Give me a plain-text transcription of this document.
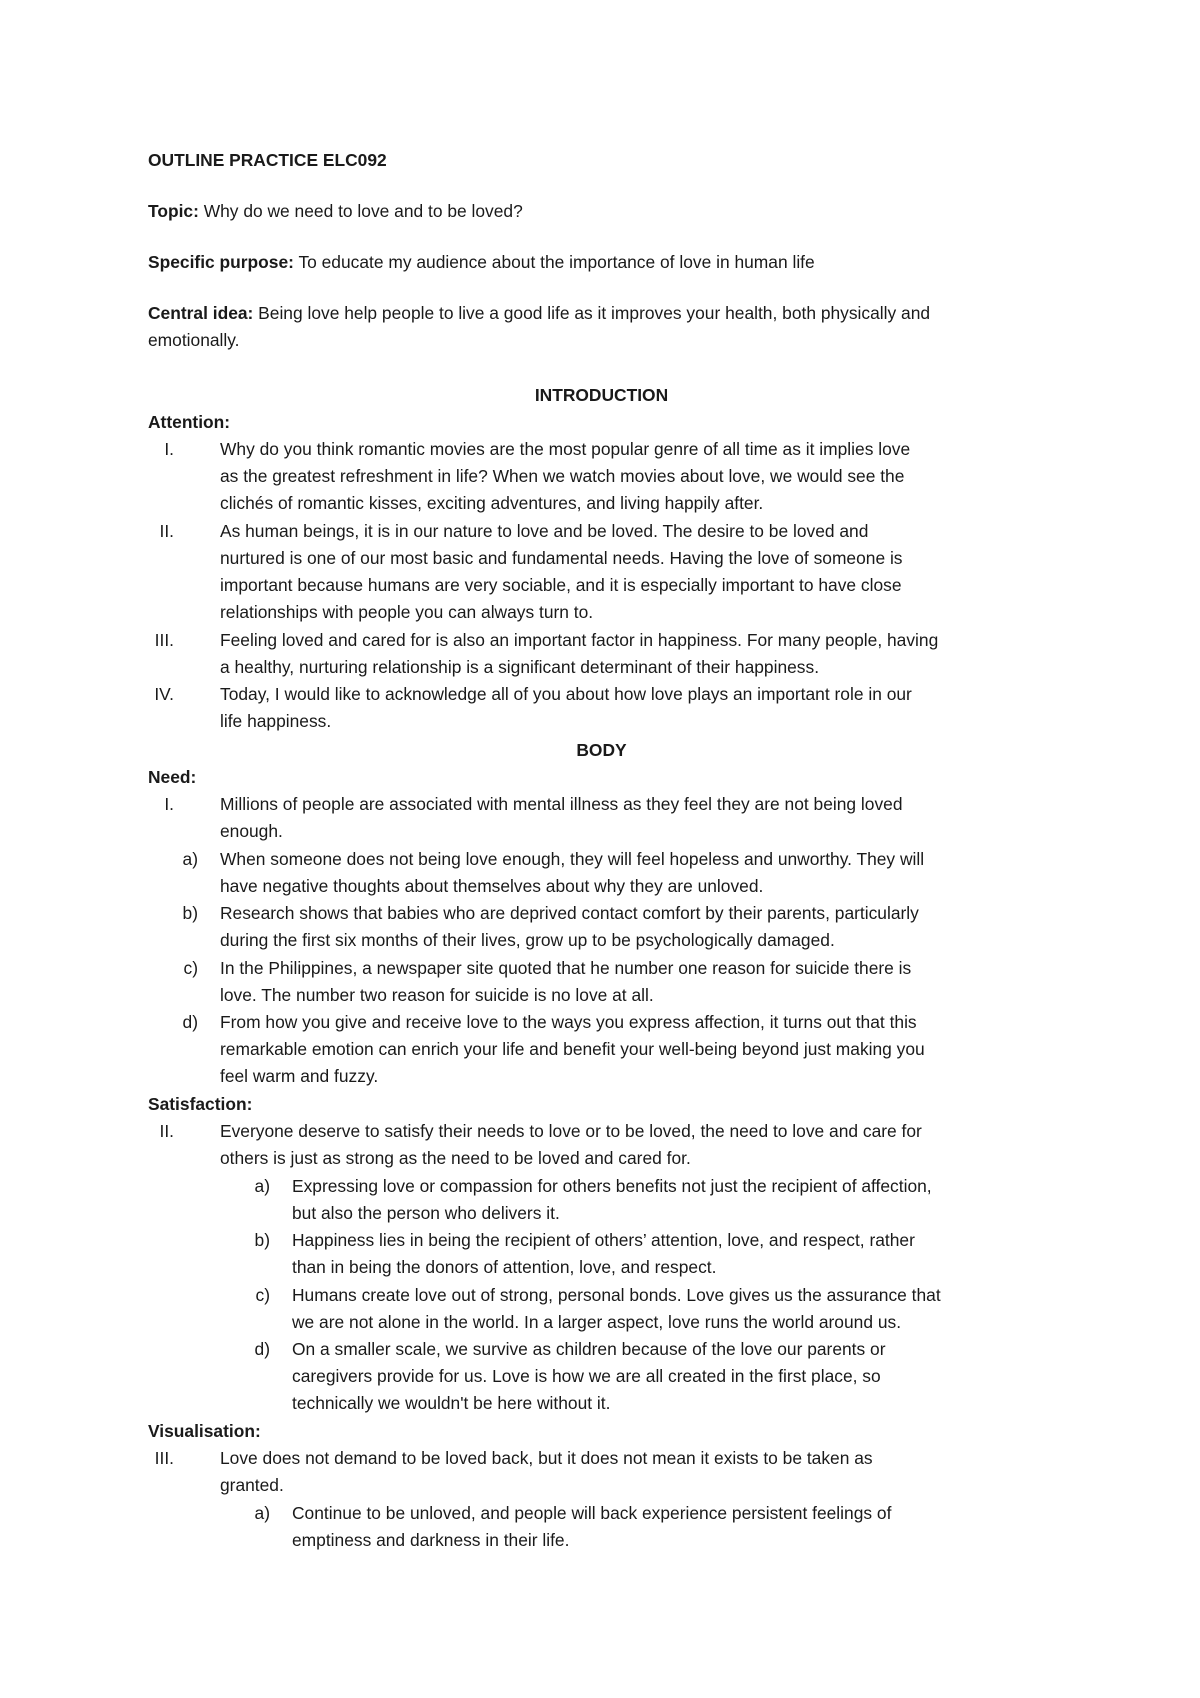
OUTLINE PRACTICE ELC092
Topic: Why do we need to love and to be loved?
Specific purpose: To educate my audience about the importance of love in human life
Central idea: Being love help people to live a good life as it improves your health, both physically and
emotionally.
INTRODUCTION
Attention:
I.	Why do you think romantic movies are the most popular genre of all time as it implies love
as the greatest refreshment in life? When we watch movies about love, we would see the
clichés of romantic kisses, exciting adventures, and living happily after.
II.	As human beings, it is in our nature to love and be loved. The desire to be loved and
nurtured is one of our most basic and fundamental needs. Having the love of someone is
important because humans are very sociable, and it is especially important to have close
relationships with people you can always turn to.
III.	Feeling loved and cared for is also an important factor in happiness. For many people, having
a healthy, nurturing relationship is a significant determinant of their happiness.
IV.	Today, I would like to acknowledge all of you about how love plays an important role in our
life happiness.
BODY
Need:
I.	Millions of people are associated with mental illness as they feel they are not being loved
enough.
a) When someone does not being love enough, they will feel hopeless and unworthy. They will
have negative thoughts about themselves about why they are unloved.
b) Research shows that babies who are deprived contact comfort by their parents, particularly
during the first six months of their lives, grow up to be psychologically damaged.
c) In the Philippines, a newspaper site quoted that he number one reason for suicide there is
love. The number two reason for suicide is no love at all.
d) From how you give and receive love to the ways you express affection, it turns out that this
remarkable emotion can enrich your life and benefit your well-being beyond just making you
feel warm and fuzzy.
Satisfaction:
II.	Everyone deserve to satisfy their needs to love or to be loved, the need to love and care for
others is just as strong as the need to be loved and cared for.
a) Expressing love or compassion for others benefits not just the recipient of affection,
but also the person who delivers it.
b) Happiness lies in being the recipient of others’ attention, love, and respect, rather
than in being the donors of attention, love, and respect.
c) Humans create love out of strong, personal bonds. Love gives us the assurance that
we are not alone in the world. In a larger aspect, love runs the world around us.
d) On a smaller scale, we survive as children because of the love our parents or
caregivers provide for us. Love is how we are all created in the first place, so
technically we wouldn't be here without it.
Visualisation:
III.	Love does not demand to be loved back, but it does not mean it exists to be taken as
granted.
a) Continue to be unloved, and people will back experience persistent feelings of
emptiness and darkness in their life.
